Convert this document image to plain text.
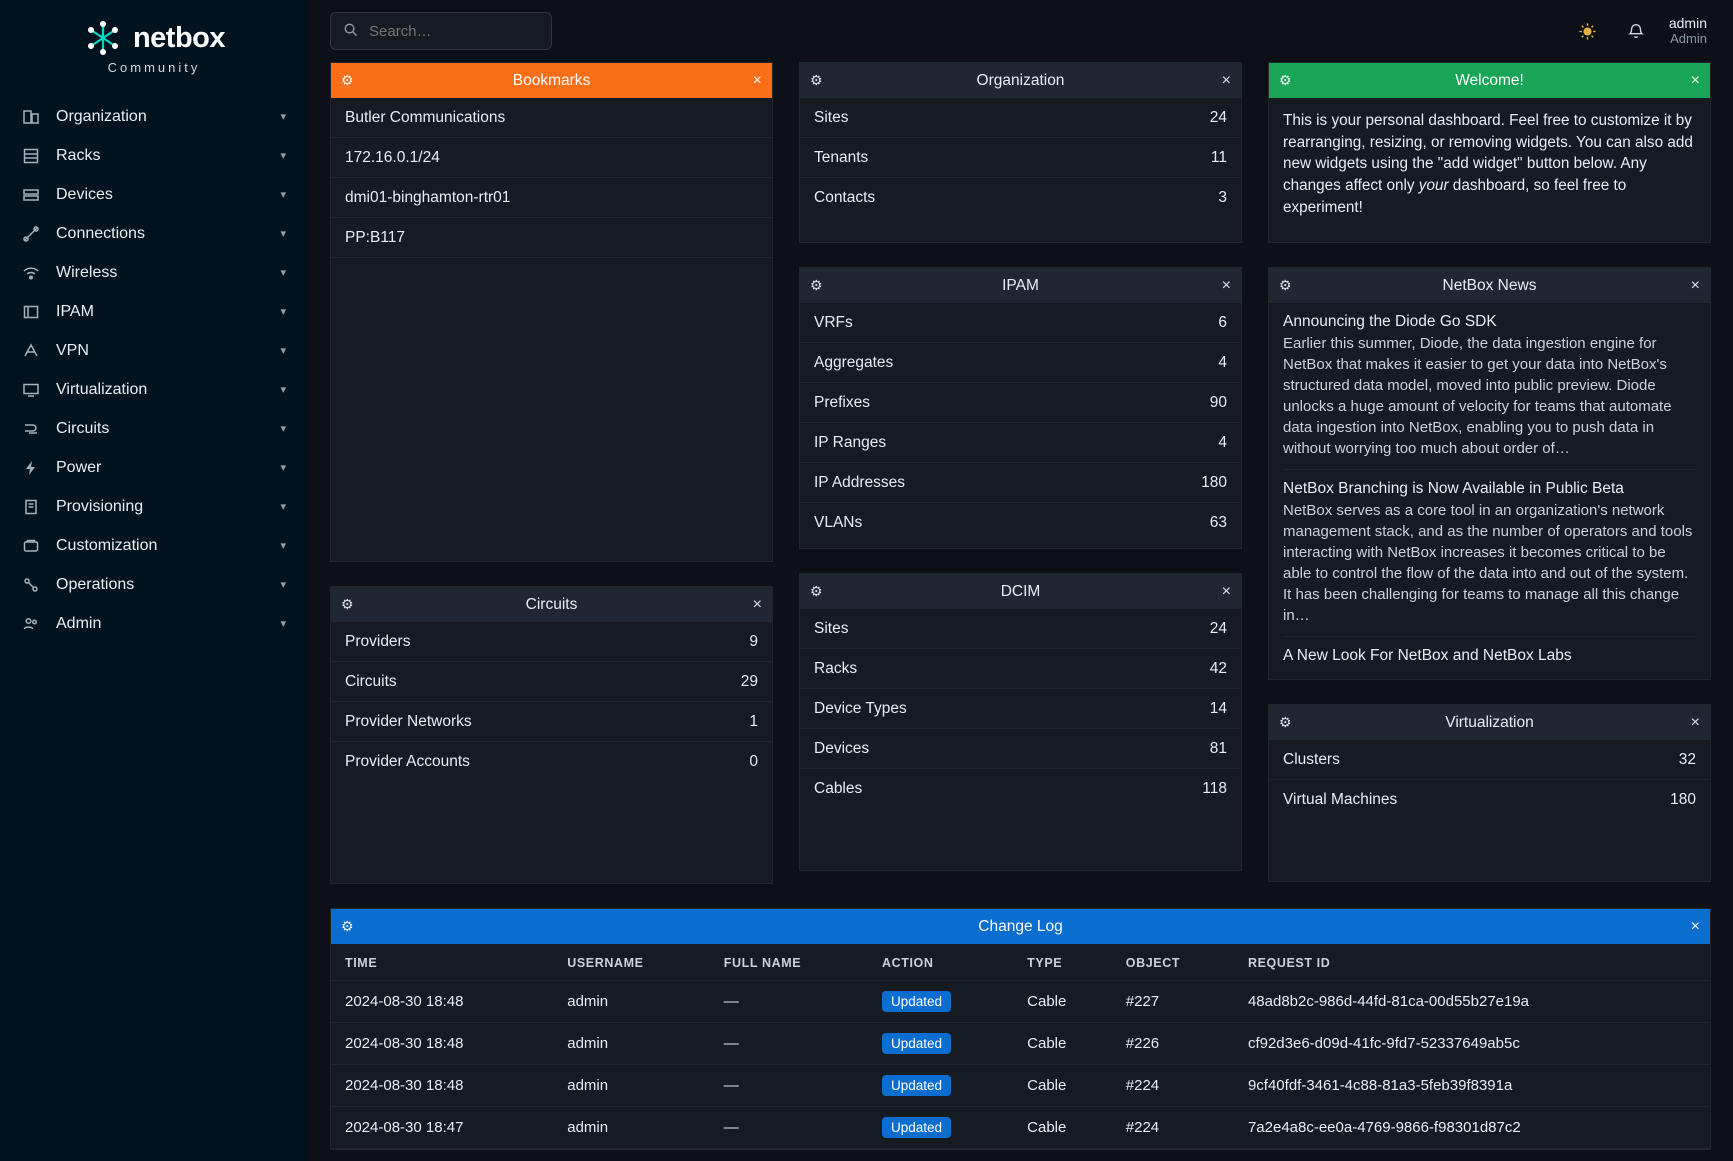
netbox
Community
Organization	▾
Racks	▾
Devices	▾
Connections	▾
Wireless	▾
IPAM	▾
VPN	▾
Virtualization	▾
Circuits	▾
Power	▾
Provisioning	▾
Customization	▾
Operations	▾
Admin	▾
Search…
admin
Admin
⚙	Bookmarks	×
Butler Communications
172.16.0.1/24
dmi01-binghamton-rtr01
PP:B117
⚙	Circuits	×
Providers	9
Circuits	29
Provider Networks	1
Provider Accounts	0
⚙	Organization	×
Sites	24
Tenants	11
Contacts	3
⚙	IPAM	×
VRFs	6
Aggregates	4
Prefixes	90
IP Ranges	4
IP Addresses	180
VLANs	63
⚙	DCIM	×
Sites	24
Racks	42
Device Types	14
Devices	81
Cables	118
⚙	Welcome!	×
This is your personal dashboard. Feel free to customize it by rearranging, resizing, or removing widgets. You can also add new widgets using the "add widget" button below. Any changes affect only your dashboard, so feel free to experiment!
⚙	NetBox News	×
Announcing the Diode Go SDK
Earlier this summer, Diode, the data ingestion engine for NetBox that makes it easier to get your data into NetBox's structured data model, moved into public preview. Diode unlocks a huge amount of velocity for teams that automate data ingestion into NetBox, enabling you to push data in without worrying too much about order of…
NetBox Branching is Now Available in Public Beta
NetBox serves as a core tool in an organization's network management stack, and as the number of operators and tools interacting with NetBox increases it becomes critical to be able to control the flow of the data into and out of the system. It has been challenging for teams to manage all this change in…
A New Look For NetBox and NetBox Labs
⚙	Virtualization	×
Clusters	32
Virtual Machines	180
⚙	Change Log	×
TIME	USERNAME	FULL NAME	ACTION	TYPE	OBJECT	REQUEST ID
2024-08-30 18:48	admin	—	Updated	Cable	#227	48ad8b2c-986d-44fd-81ca-00d55b27e19a
2024-08-30 18:48	admin	—	Updated	Cable	#226	cf92d3e6-d09d-41fc-9fd7-52337649ab5c
2024-08-30 18:48	admin	—	Updated	Cable	#224	9cf40fdf-3461-4c88-81a3-5feb39f8391a
2024-08-30 18:47	admin	—	Updated	Cable	#224	7a2e4a8c-ee0a-4769-9866-f98301d87c2
